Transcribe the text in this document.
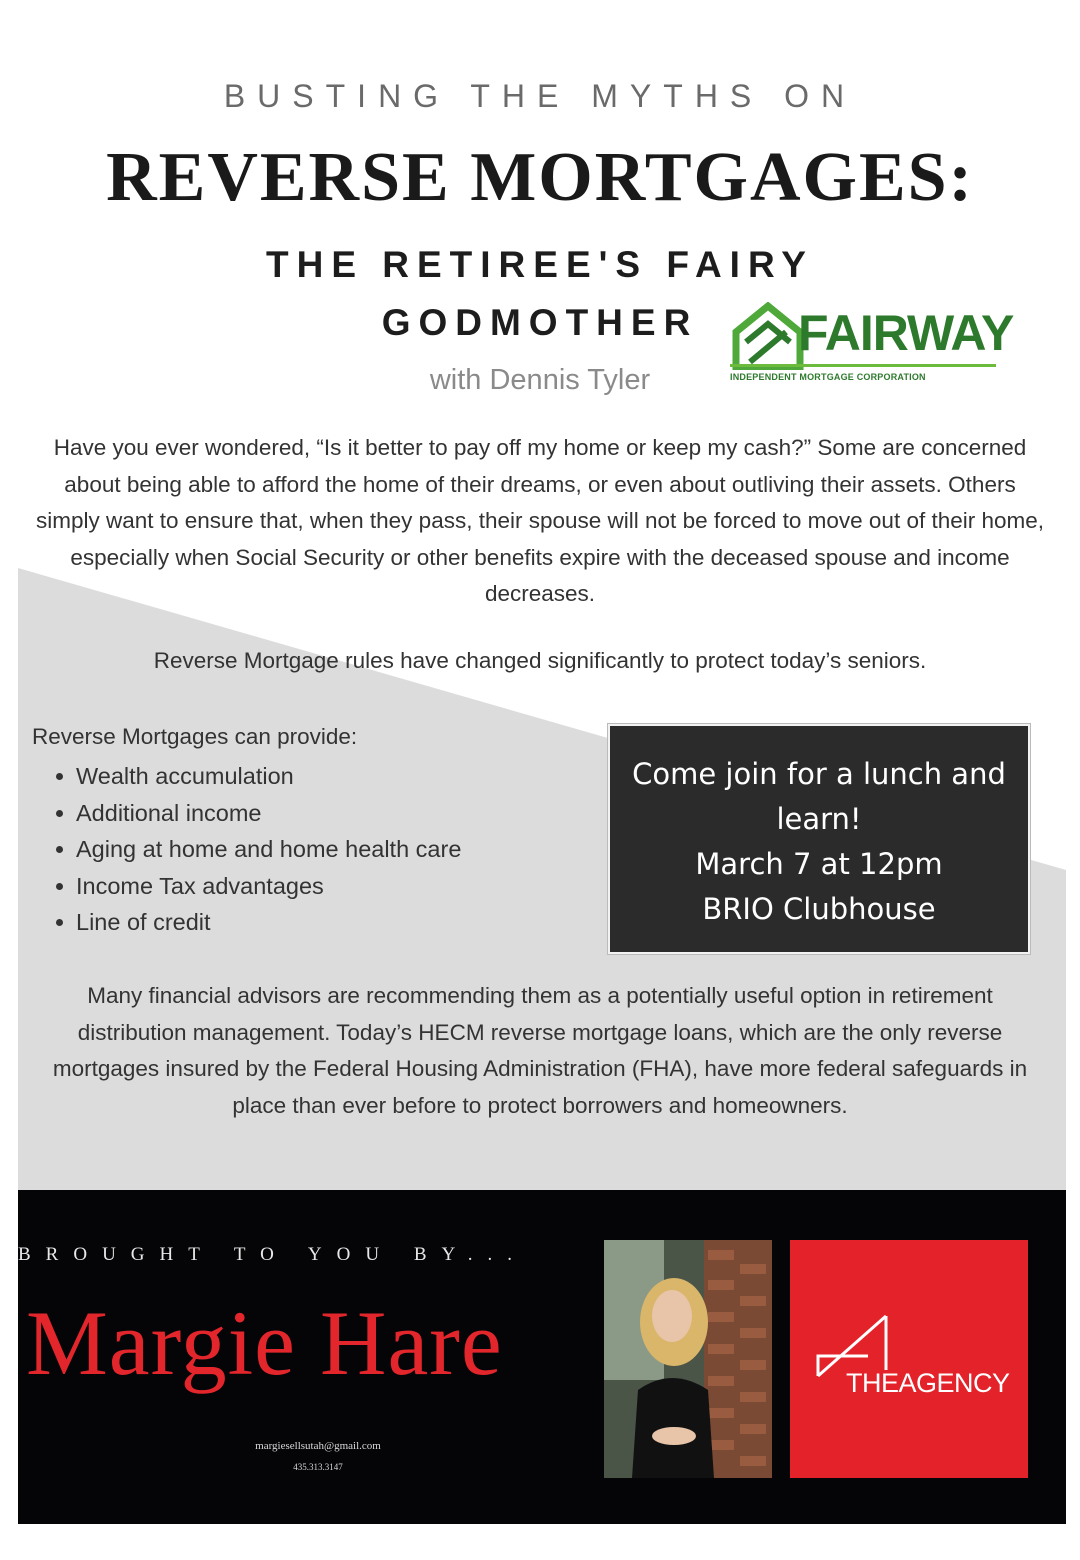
BUSTING THE MYTHS ON
REVERSE MORTGAGES:
THE RETIREE'S FAIRY GODMOTHER
with Dennis Tyler
FAIRWAY
INDEPENDENT MORTGAGE CORPORATION
Have you ever wondered, “Is it better to pay off my home or keep my cash?” Some are concerned about being able to afford the home of their dreams, or even about outliving their assets. Others simply want to ensure that, when they pass, their spouse will not be forced to move out of their home, especially when Social Security or other benefits expire with the deceased spouse and income decreases.
Reverse Mortgage rules have changed significantly to protect today’s seniors.
Reverse Mortgages can provide:
Wealth accumulation
Additional income
Aging at home and home health care
Income Tax advantages
Line of credit
Come join for a lunch and
learn!
March 7 at 12pm
BRIO Clubhouse
Many financial advisors are recommending them as a potentially useful option in retirement distribution management. Today’s HECM reverse mortgage loans, which are the only reverse mortgages insured by the Federal Housing Administration (FHA), have more federal safeguards in place than ever before to protect borrowers and homeowners.
BROUGHT TO YOU BY...
Margie Hare
margiesellsutah@gmail.com
435.313.3147
THEAGENCY
